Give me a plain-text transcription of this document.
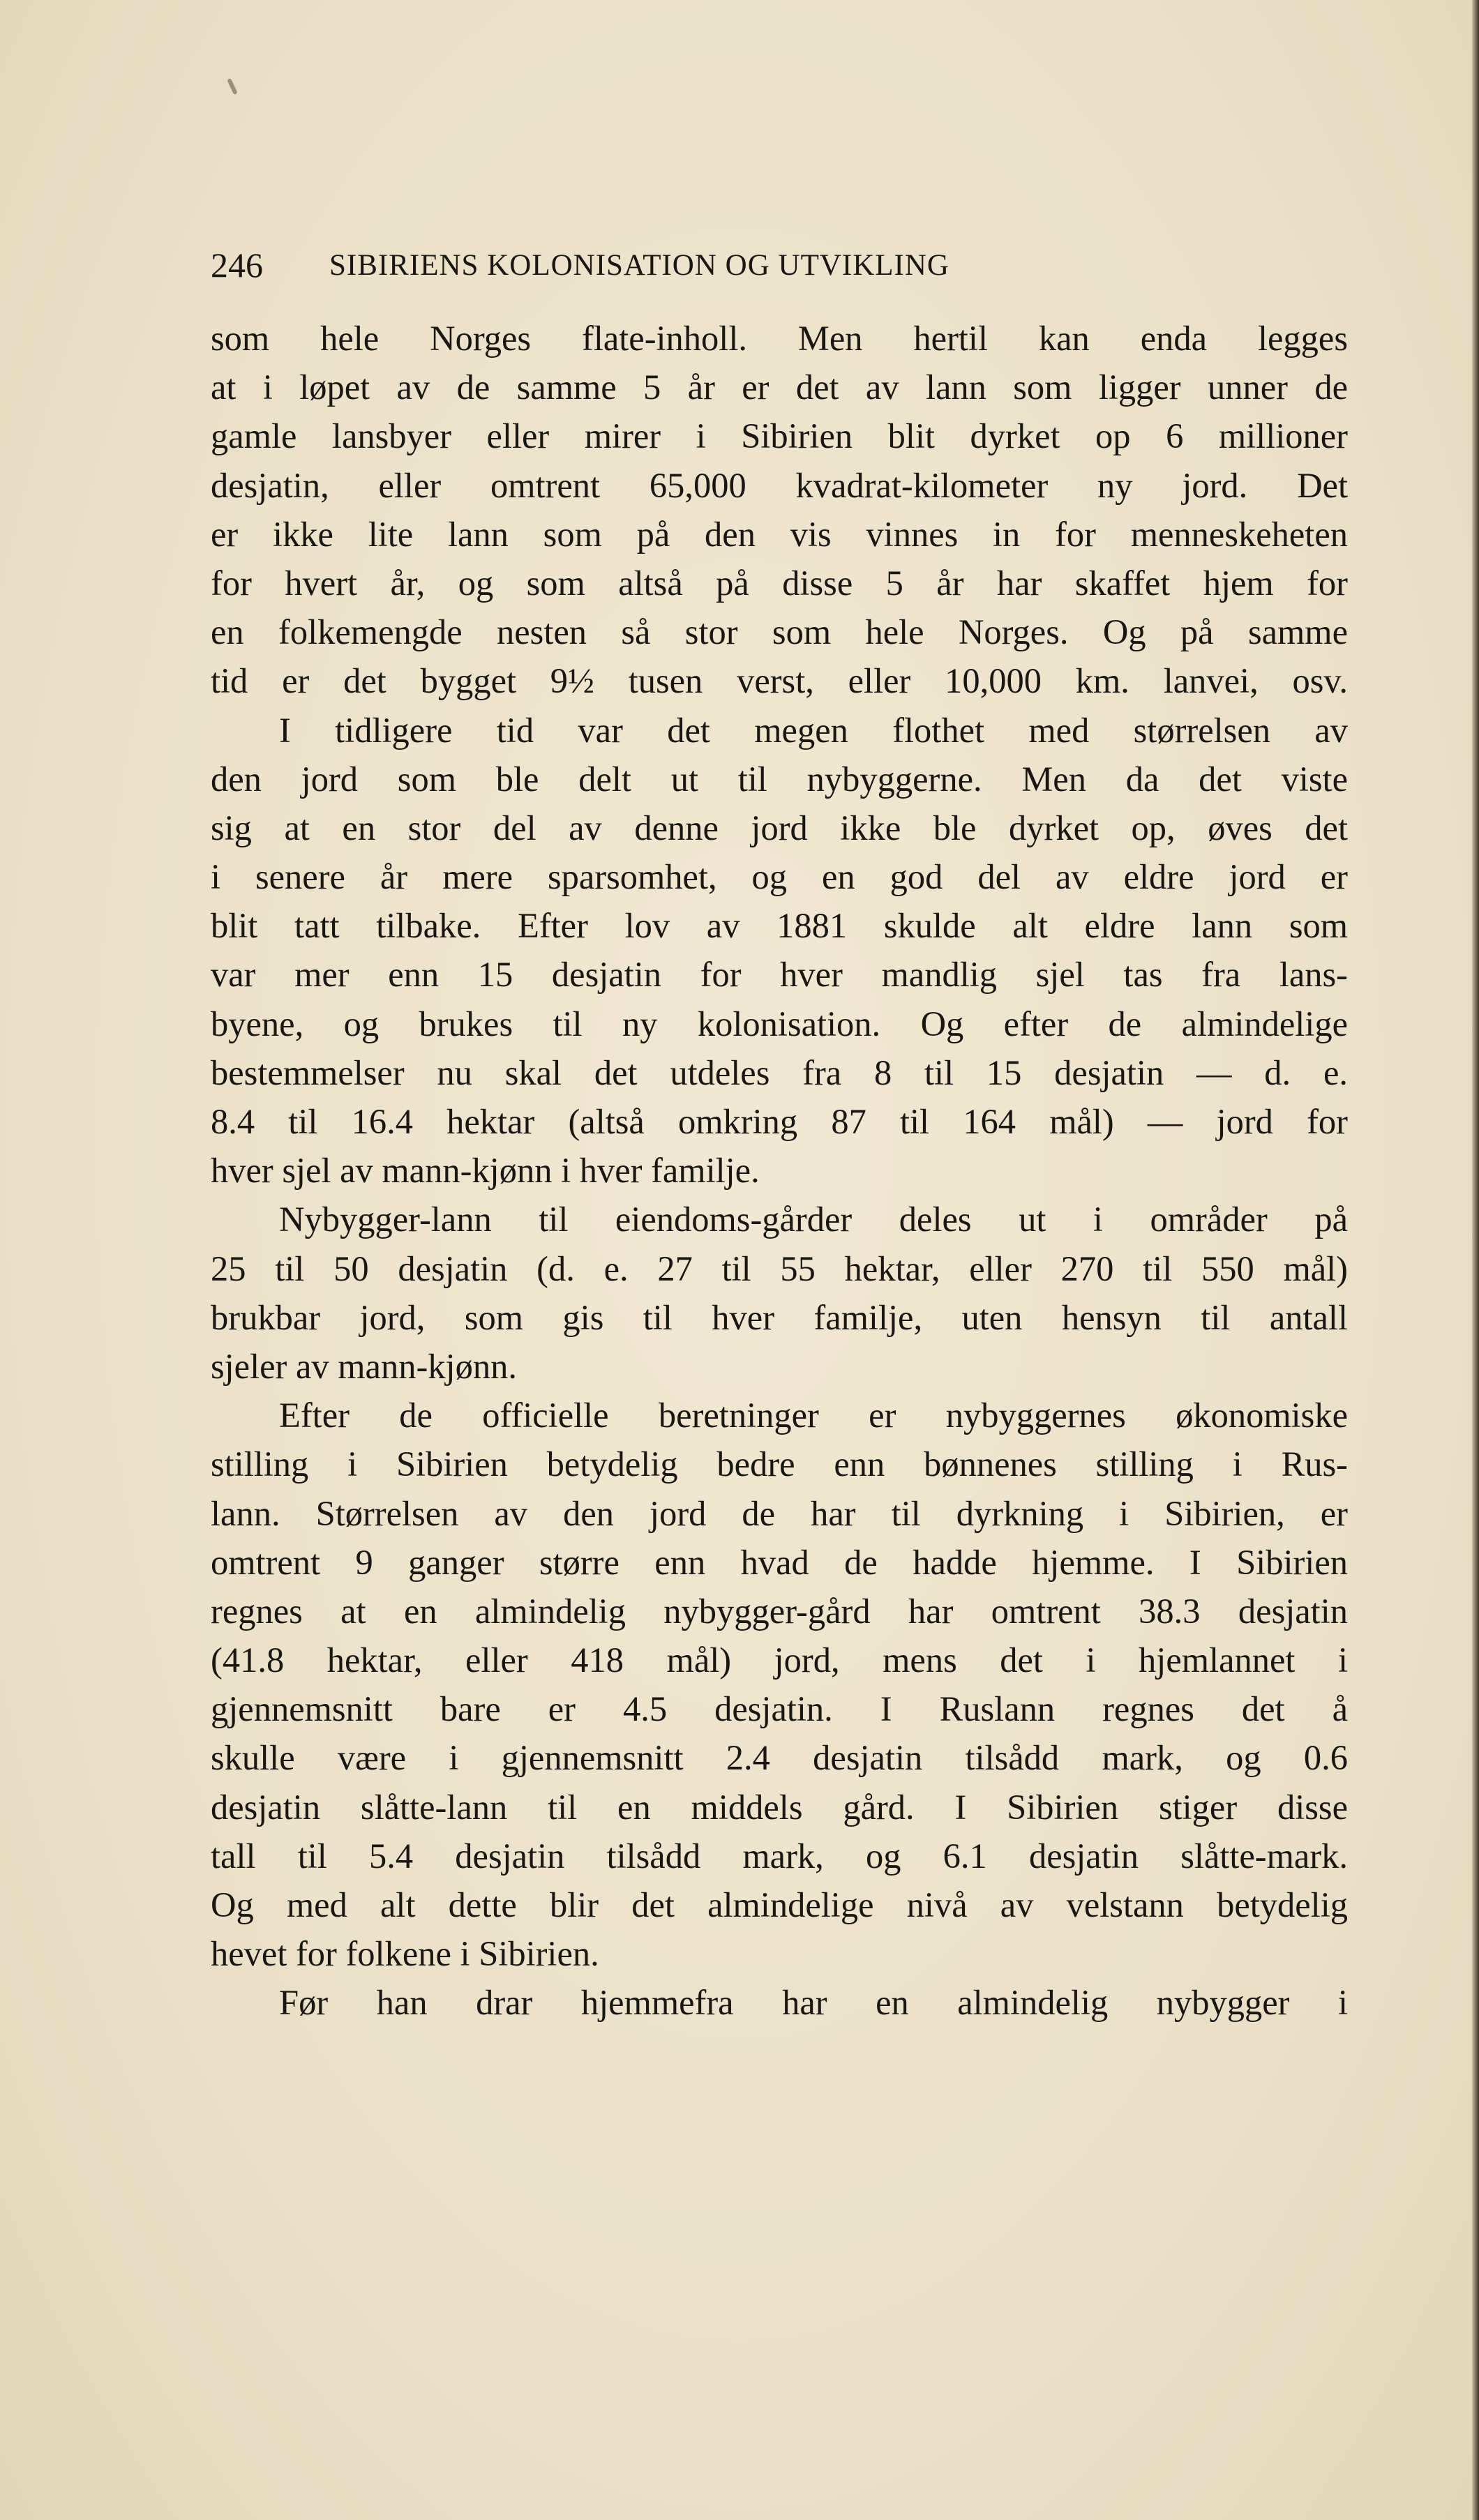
246	SIBIRIENS KOLONISATION OG UTVIKLING
som hele Norges flate-inholl. Men hertil kan enda legges
at i løpet av de samme 5 år er det av lann som ligger unner de
gamle lansbyer eller mirer i Sibirien blit dyrket op 6 millioner
desjatin, eller omtrent 65,000 kvadrat-kilometer ny jord. Det
er ikke lite lann som på den vis vinnes in for menneskeheten
for hvert år, og som altså på disse 5 år har skaffet hjem for
en folkemengde nesten så stor som hele Norges. Og på samme
tid er det bygget 9½ tusen verst, eller 10,000 km. lanvei, osv.
I tidligere tid var det megen flothet med størrelsen av
den jord som ble delt ut til nybyggerne. Men da det viste
sig at en stor del av denne jord ikke ble dyrket op, øves det
i senere år mere sparsomhet, og en god del av eldre jord er
blit tatt tilbake. Efter lov av 1881 skulde alt eldre lann som
var mer enn 15 desjatin for hver mandlig sjel tas fra lans-
byene, og brukes til ny kolonisation. Og efter de almindelige
bestemmelser nu skal det utdeles fra 8 til 15 desjatin — d. e.
8.4 til 16.4 hektar (altså omkring 87 til 164 mål) — jord for
hver sjel av mann-kjønn i hver familje.
Nybygger-lann til eiendoms-gårder deles ut i områder på
25 til 50 desjatin (d. e. 27 til 55 hektar, eller 270 til 550 mål)
brukbar jord, som gis til hver familje, uten hensyn til antall
sjeler av mann-kjønn.
Efter de officielle beretninger er nybyggernes økonomiske
stilling i Sibirien betydelig bedre enn bønnenes stilling i Rus-
lann. Størrelsen av den jord de har til dyrkning i Sibirien, er
omtrent 9 ganger større enn hvad de hadde hjemme. I Sibirien
regnes at en almindelig nybygger-gård har omtrent 38.3 desjatin
(41.8 hektar, eller 418 mål) jord, mens det i hjemlannet i
gjennemsnitt bare er 4.5 desjatin. I Ruslann regnes det å
skulle være i gjennemsnitt 2.4 desjatin tilsådd mark, og 0.6
desjatin slåtte-lann til en middels gård. I Sibirien stiger disse
tall til 5.4 desjatin tilsådd mark, og 6.1 desjatin slåtte-mark.
Og med alt dette blir det almindelige nivå av velstann betydelig
hevet for folkene i Sibirien.
Før han drar hjemmefra har en almindelig nybygger i
